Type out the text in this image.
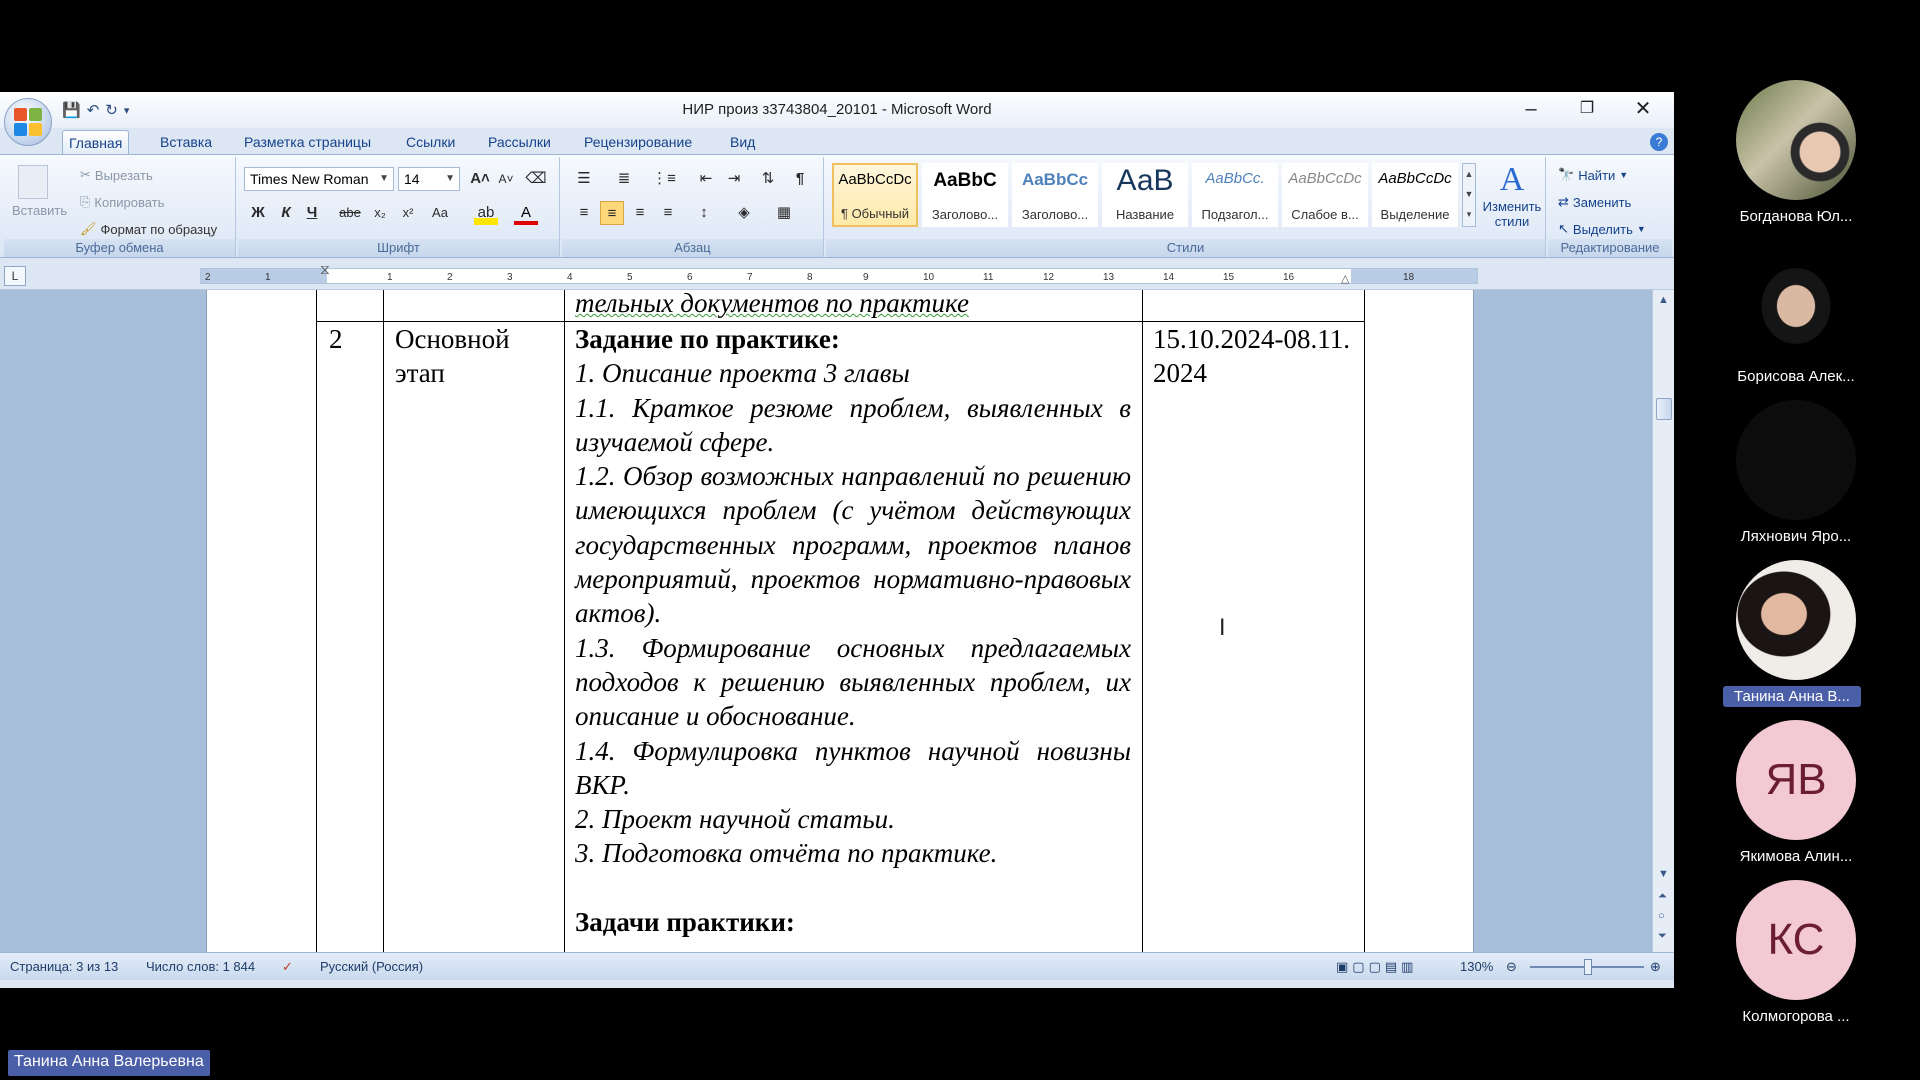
💾 ↶ ↻ ▾	НИР произ з3743804_20101 - Microsoft Word	–	❐	✕
Главная	Вставка	Разметка страницы	Ссылки	Рассылки	Рецензирование	Вид	?
Вставить
✂ Вырезать
⎘ Копировать
🖌 Формат по образцу
Буфер обмена
Times New Roman ▼	14	▼ A˄ A˅ ⌫
Ж	К	Ч	abe	x₂	x²	Aa ab	A
Шрифт
☰	≣	⋮≡	⇤	⇥	⇅	¶
≡	≡	≡	≡	↕	◈	▦
Абзац
AaBbCcDc
¶ Обычный
AaBbC
Заголово...
AaBbCc
Заголово...
АаВ
Название
AaBbCc.
Подзагол...
AaBbCcDc
Слабое в...
AaBbCcDc
Выделение
▲
▼
▾
A
Изменить стили
Стили
🔭 Найти ▼
⇄ Заменить
↖ Выделить ▼
Редактирование
L	⧖
△
2	1	1	2	3	4	5	6	7	8	9	10	11	12	13	14	15	16	18
тельных документов по практике
2 Основной этап
Задание по практике:
1. Описание проекта 3 главы
1.1. Краткое резюме проблем, выявленных в изучаемой сфере.
1.2. Обзор возможных направлений по решению имеющихся проблем (с учётом действующих государственных программ, проектов планов мероприятий, проектов нормативно-правовых актов).
1.3. Формирование основных предлагаемых подходов к решению выявленных проблем, их описание и обоснование.
1.4. Формулировка пунктов научной новизны ВКР.
2. Проект научной статьи.
3. Подготовка отчёта по практике.
Задачи практики:
15.10.2024-08.11.2024
I
▲
▼
⏶
○
⏷
Страница: 3 из 13 Число слов: 1 844 ✓ Русский (Россия)	▣▢▢▤▥	130% ⊖	⊕
Богданова Юл...
Борисова Алек...
Ляхнович Яро...
Танина Анна В...
ЯВ
Якимова Алин...
КС
Колмогорова ...
Танина Анна Валерьевна
